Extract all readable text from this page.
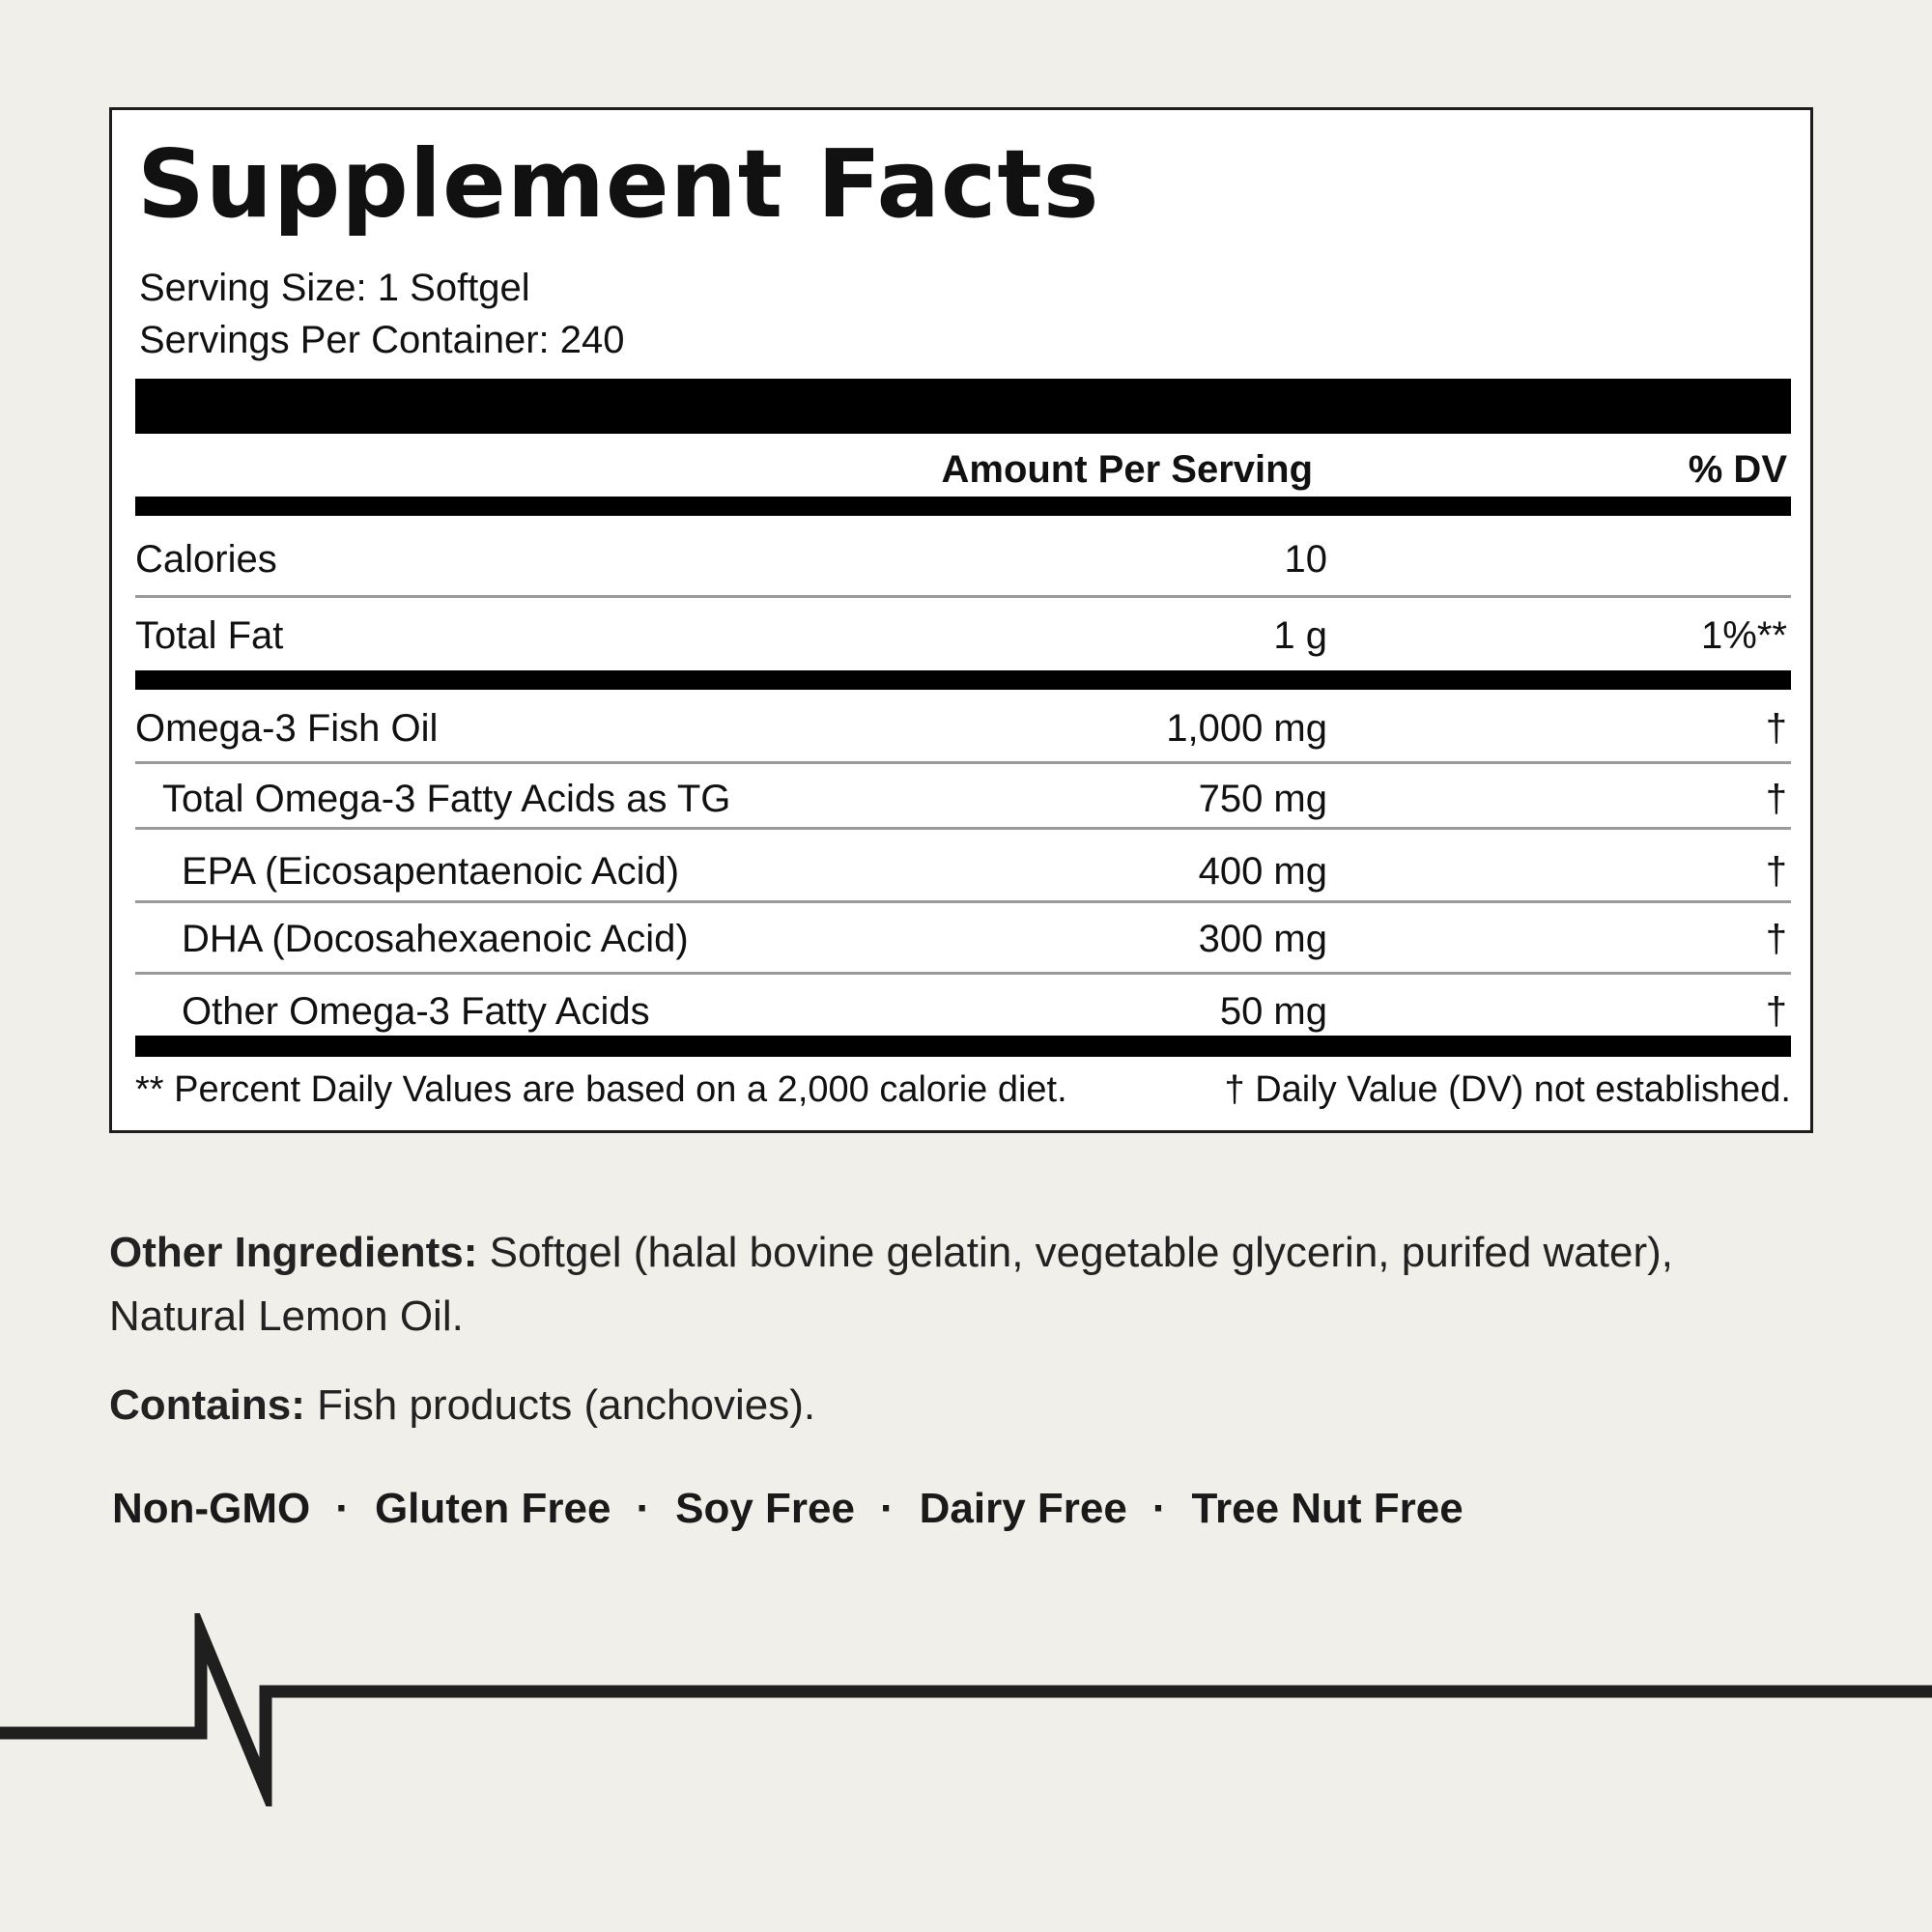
Supplement Facts
Serving Size: 1 Softgel
Servings Per Container: 240
Amount Per Serving	% DV
Calories	10
Total Fat	1 g	1%**
Omega-3 Fish Oil	1,000 mg	†
Total Omega-3 Fatty Acids as TG	750 mg	†
EPA (Eicosapentaenoic Acid)	400 mg	†
DHA (Docosahexaenoic Acid)	300 mg	†
Other Omega-3 Fatty Acids	50 mg	†
** Percent Daily Values are based on a 2,000 calorie diet.	† Daily Value (DV) not established.
Other Ingredients: Softgel (halal bovine gelatin, vegetable glycerin, purifed water), Natural Lemon Oil.
Contains: Fish products (anchovies).
Non-GMO · Gluten Free · Soy Free · Dairy Free · Tree Nut Free
